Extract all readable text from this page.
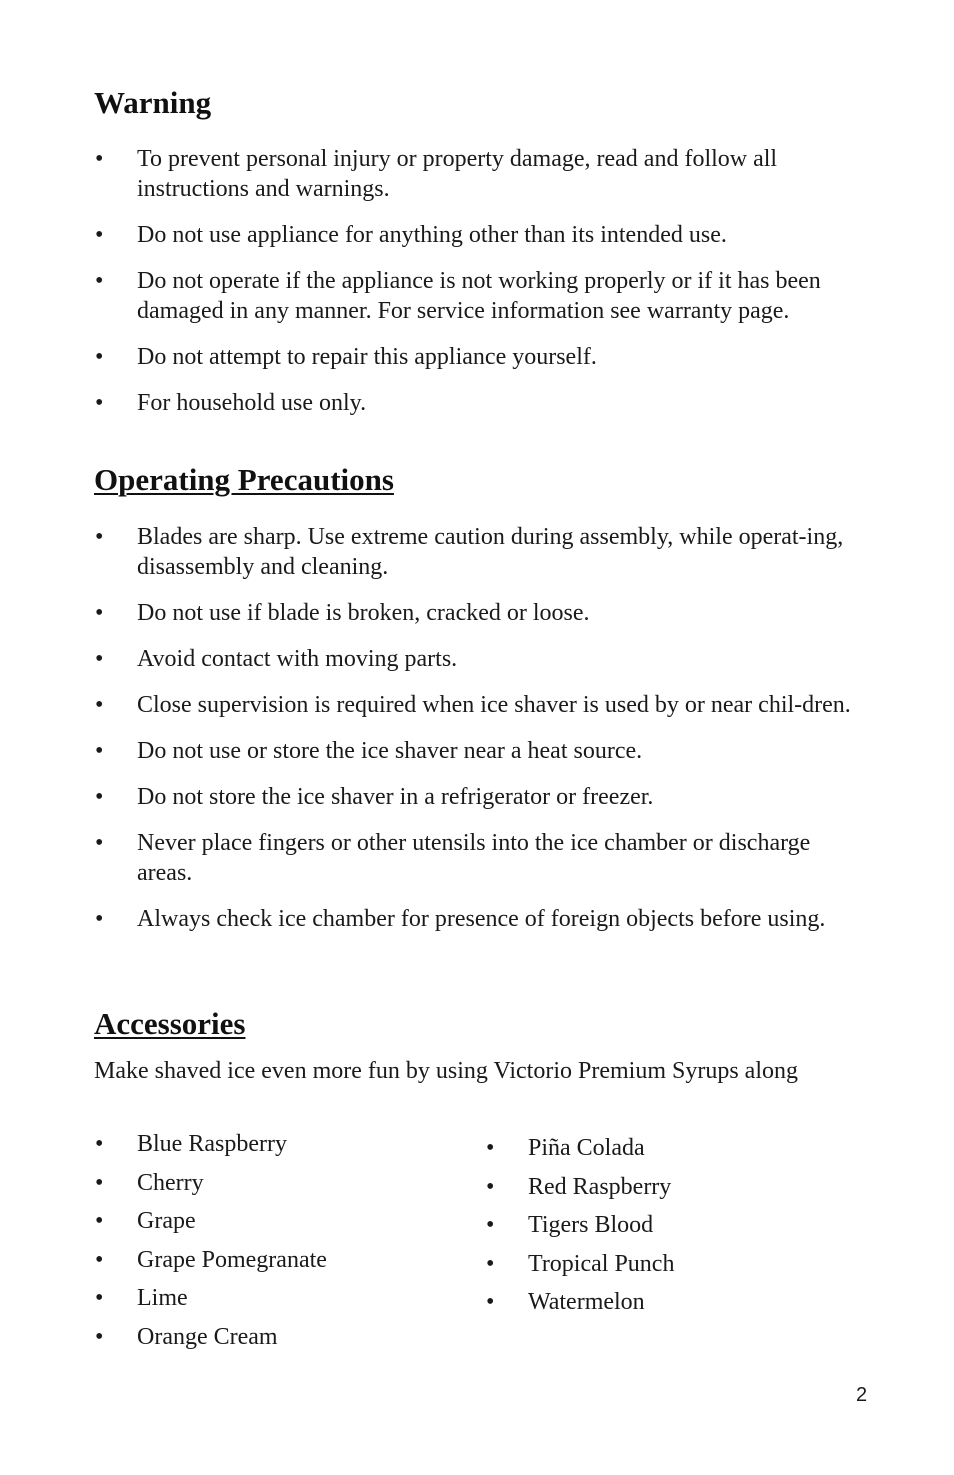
Warning
• To prevent personal injury or property damage, read and follow all instructions and warnings.
• Do not use appliance for anything other than its intended use.
• Do not operate if the appliance is not working properly or if it has been damaged in any manner. For service information see warranty page.
• Do not attempt to repair this appliance yourself.
• For household use only.
Operating Precautions
• Blades are sharp. Use extreme caution during assembly, while operat-ing, disassembly and cleaning.
• Do not use if blade is broken, cracked or loose.
• Avoid contact with moving parts.
• Close supervision is required when ice shaver is used by or near chil-dren.
• Do not use or store the ice shaver near a heat source.
• Do not store the ice shaver in a refrigerator or freezer.
• Never place fingers or other utensils into the ice chamber or discharge areas.
• Always check ice chamber for presence of foreign objects before using.
Accessories

Make shaved ice even more fun by using Victorio Premium Syrups along

• Blue Raspberry
• Cherry
• Grape
• Grape Pomegranate
• Lime
• Orange Cream
• Piña Colada
• Red Raspberry
• Tigers Blood
• Tropical Punch
• Watermelon
2
